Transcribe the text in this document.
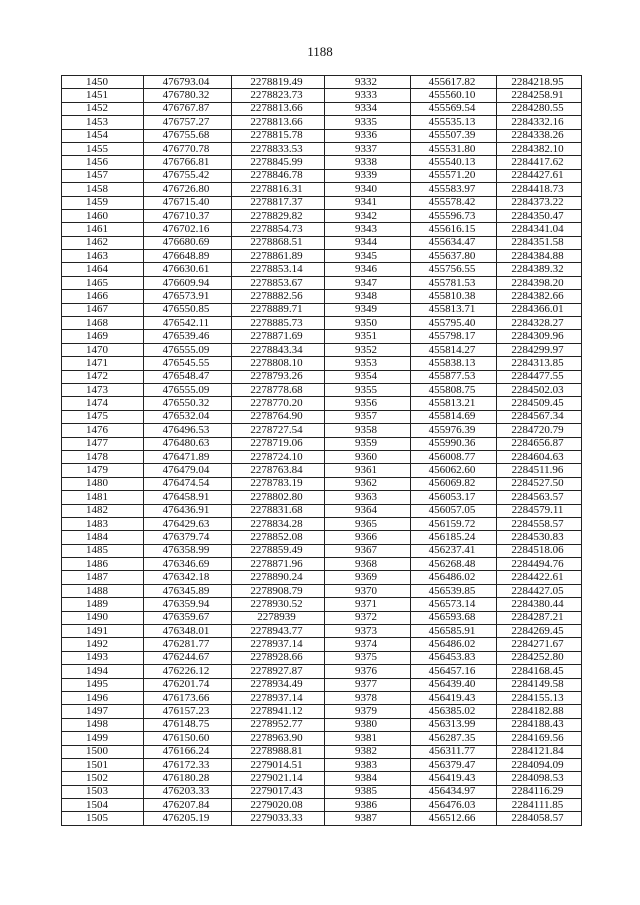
1188
1450	476793.04	2278819.49	9332	455617.82	2284218.95
1451	476780.32	2278823.73	9333	455560.10	2284258.91
1452	476767.87	2278813.66	9334	455569.54	2284280.55
1453	476757.27	2278813.66	9335	455535.13	2284332.16
1454	476755.68	2278815.78	9336	455507.39	2284338.26
1455	476770.78	2278833.53	9337	455531.80	2284382.10
1456	476766.81	2278845.99	9338	455540.13	2284417.62
1457	476755.42	2278846.78	9339	455571.20	2284427.61
1458	476726.80	2278816.31	9340	455583.97	2284418.73
1459	476715.40	2278817.37	9341	455578.42	2284373.22
1460	476710.37	2278829.82	9342	455596.73	2284350.47
1461	476702.16	2278854.73	9343	455616.15	2284341.04
1462	476680.69	2278868.51	9344	455634.47	2284351.58
1463	476648.89	2278861.89	9345	455637.80	2284384.88
1464	476630.61	2278853.14	9346	455756.55	2284389.32
1465	476609.94	2278853.67	9347	455781.53	2284398.20
1466	476573.91	2278882.56	9348	455810.38	2284382.66
1467	476550.85	2278889.71	9349	455813.71	2284366.01
1468	476542.11	2278885.73	9350	455795.40	2284328.27
1469	476539.46	2278871.69	9351	455798.17	2284309.96
1470	476555.09	2278843.34	9352	455814.27	2284299.97
1471	476545.55	2278808.10	9353	455838.13	2284313.85
1472	476548.47	2278793.26	9354	455877.53	2284477.55
1473	476555.09	2278778.68	9355	455808.75	2284502.03
1474	476550.32	2278770.20	9356	455813.21	2284509.45
1475	476532.04	2278764.90	9357	455814.69	2284567.34
1476	476496.53	2278727.54	9358	455976.39	2284720.79
1477	476480.63	2278719.06	9359	455990.36	2284656.87
1478	476471.89	2278724.10	9360	456008.77	2284604.63
1479	476479.04	2278763.84	9361	456062.60	2284511.96
1480	476474.54	2278783.19	9362	456069.82	2284527.50
1481	476458.91	2278802.80	9363	456053.17	2284563.57
1482	476436.91	2278831.68	9364	456057.05	2284579.11
1483	476429.63	2278834.28	9365	456159.72	2284558.57
1484	476379.74	2278852.08	9366	456185.24	2284530.83
1485	476358.99	2278859.49	9367	456237.41	2284518.06
1486	476346.69	2278871.96	9368	456268.48	2284494.76
1487	476342.18	2278890.24	9369	456486.02	2284422.61
1488	476345.89	2278908.79	9370	456539.85	2284427.05
1489	476359.94	2278930.52	9371	456573.14	2284380.44
1490	476359.67	2278939	9372	456593.68	2284287.21
1491	476348.01	2278943.77	9373	456585.91	2284269.45
1492	476281.77	2278937.14	9374	456486.02	2284271.67
1493	476244.67	2278928.66	9375	456453.83	2284252.80
1494	476226.12	2278927.87	9376	456457.16	2284168.45
1495	476201.74	2278934.49	9377	456439.40	2284149.58
1496	476173.66	2278937.14	9378	456419.43	2284155.13
1497	476157.23	2278941.12	9379	456385.02	2284182.88
1498	476148.75	2278952.77	9380	456313.99	2284188.43
1499	476150.60	2278963.90	9381	456287.35	2284169.56
1500	476166.24	2278988.81	9382	456311.77	2284121.84
1501	476172.33	2279014.51	9383	456379.47	2284094.09
1502	476180.28	2279021.14	9384	456419.43	2284098.53
1503	476203.33	2279017.43	9385	456434.97	2284116.29
1504	476207.84	2279020.08	9386	456476.03	2284111.85
1505	476205.19	2279033.33	9387	456512.66	2284058.57
